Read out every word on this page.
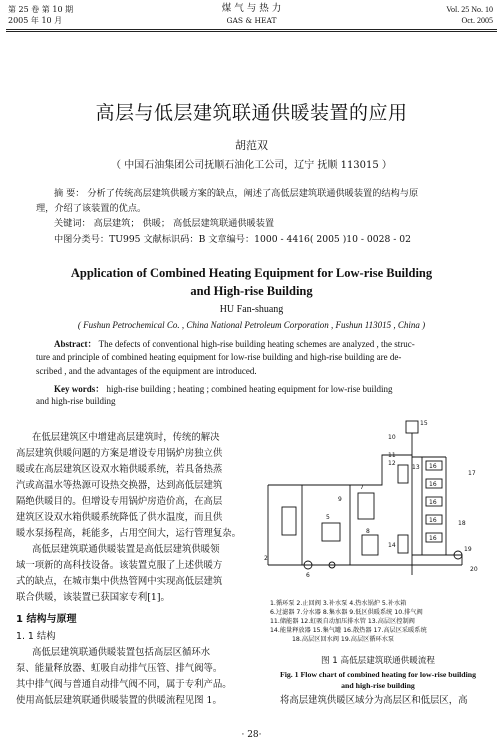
第 25 卷 第 10 期
2005 年 10 月
煤 气 与 热 力
GAS & HEAT
Vol. 25 No. 10
Oct. 2005
高层与低层建筑联通供暖装置的应用
胡范双
（ 中国石油集团公司抚顺石油化工公司，辽宁 抚顺 113015 ）
摘 要： 分析了传统高层建筑供暖方案的缺点，阐述了高低层建筑联通供暖装置的结构与原
理，介绍了该装置的优点。
关键词： 高层建筑； 供暖； 高低层建筑联通供暖装置
中图分类号：TU995 文献标识码：B 文章编号：1000 - 4416( 2005 )10 - 0028 - 02
Application of Combined Heating Equipment for Low-rise Building
and High-rise Building
HU Fan-shuang
( Fushun Petrochemical Co. , China National Petroleum Corporation , Fushun 113015 , China )
Abstract： The defects of conventional high-rise building heating schemes are analyzed , the struc-
ture and principle of combined heating equipment for low-rise building and high-rise building are de-
scribed , and the advantages of the equipment are introduced.
Key words： high-rise building ; heating ; combined heating equipment for low-rise building
and high-rise building
在低层建筑区中增建高层建筑时，传统的解决
高层建筑供暖问题的方案是增设专用锅炉房独立供
暖或在高层建筑区设双水箱供暖系统，若具备热蒸
汽或高温水等热源可设热交换器，达到高低层建筑
隔绝供暖目的。但增设专用锅炉房造价高，在高层
建筑区设双水箱供暖系统降低了供水温度，而且供
暖水泵扬程高，耗能多，占用空间大，运行管理复杂。
高低层建筑联通供暖装置是高低层建筑供暖领
域一项新的高科技设备。该装置克服了上述供暖方
式的缺点，在城市集中供热管网中实现高低层建筑
联合供暖，该装置已获国家专利[1]。
1 结构与原理
1. 1 结构
高低层建筑联通供暖装置包括高层区循环水
泵、能量释放器、虹吸自动排气压管、排气阀等。
其中排气阀与普通自动排气阀不同，属于专利产品。
使用高低层建筑联通供暖装置的供暖流程见图 1。
15
10
11
12
13
14
16
16
16
16
16
17
18
19
2
5
6
7
8
9
20
1.循环泵 2.止回阀 3.补水泵 4.热水锅炉 5.补水箱
6.过滤器 7.分水器 8.集水器 9.低区供暖系统 10.排气阀
11.储能器 12.虹吸自动加压排水管 13.高层区控制阀
14.能量释放器 15.集气罐 16.散热器 17.高层区采暖系统
18.高层区回水阀 19.高层区循环水泵
图 1 高低层建筑联通供暖流程
Fig. 1 Flow chart of combined heating for low-rise building
and high-rise building
将高层建筑供暖区域分为高层区和低层区，高
· 28·
